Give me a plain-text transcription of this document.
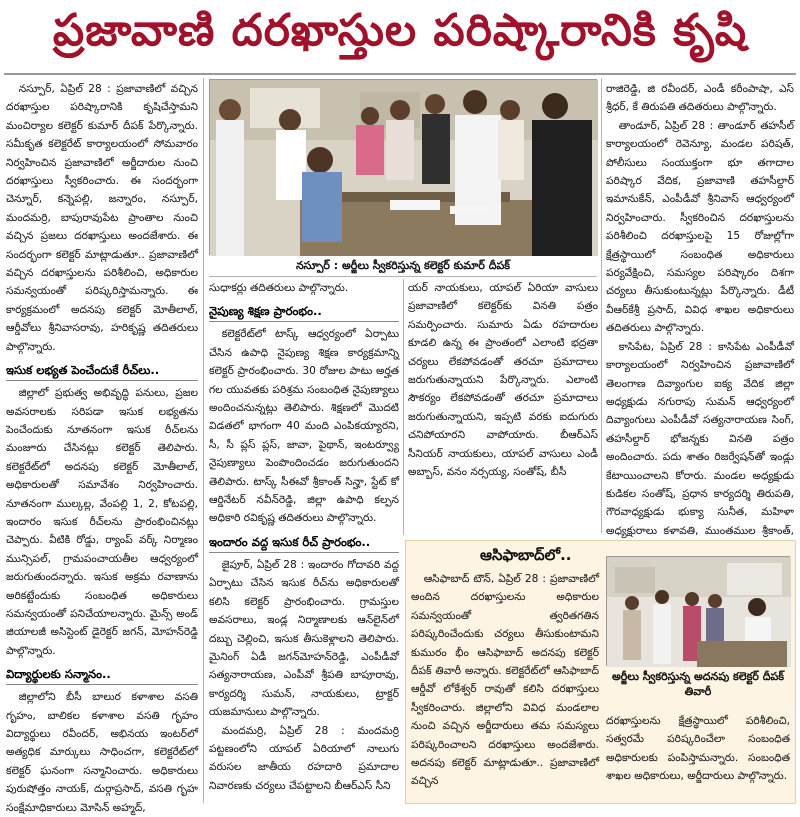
ప్రజావాణి దరఖాస్తుల పరిష్కారానికి కృషి

నస్పూర్, ఏప్రిల్ 28 : ప్రజావాణిలో వచ్చిన దరఖాస్తుల పరిష్కారానికి కృషిచేస్తామని మంచిర్యాల కలెక్టర్ కుమార్ దీపక్ పేర్కొన్నారు. సమీకృత కలెక్టరేట్ కార్యాలయంలో సోమవారం నిర్వహించిన ప్రజావాణిలో అర్జీదారుల నుంచి దరఖాస్తులు స్వీకరించారు. ఈ సందర్భంగా చెన్నూర్, కన్నెపల్లి, జన్నారం, నస్పూర్, మందమర్రి, బాపురావుపేట ప్రాంతాల నుంచి వచ్చిన ప్రజలు దరఖాస్తులు అందజేశారు. ఈ సందర్భంగా కలెక్టర్ మాట్లాడుతూ.. ప్రజావాణిలో వచ్చిన దరఖాస్తులను పరిశీలించి, అధికారుల సమన్వయంతో పరిష్కరిస్తామన్నారు. ఈ కార్యక్రమంలో అదనపు కలెక్టర్ మోతీలాల్, ఆర్డీవోలు శ్రీనివాసరావు, హరికృష్ణ తదితరులు పాల్గొన్నారు.

ఇసుక లభ్యత పెంచేందుకే రీచ్‌లు..

జిల్లాలో ప్రభుత్వ అభివృద్ధి పనులు, ప్రజల అవసరాలకు సరిపడా ఇసుక లభ్యతను పెంచేందుకు నూతనంగా ఇసుక రీచ్‌లను మంజూరు చేసినట్లు కలెక్టర్ తెలిపారు. కలెక్టరేట్‌లో అదనపు కలెక్టర్ మోతీలాల్, అధికారులతో సమావేశం నిర్వహించారు. నూతనంగా ముల్కల్ల, వేంపల్లి 1, 2, కోటపల్లి, ఇందారం ఇసుక రీచ్‌లను ప్రారంభించినట్లు చెప్పారు. వీటికి రోడ్డు, ర్యాంప్ వర్క్ నిర్మాణం మున్సిపల్, గ్రామపంచాయతీల ఆధ్వర్యంలో జరుగుతుందన్నారు. ఇసుక అక్రమ రవాణాను అరికట్టేందుకు సంబంధిత అధికారులు సమన్వయంతో పనిచేయాలన్నారు. మైన్స్ అండ్ జియాలజీ అసిస్టెంట్ డైరెక్టర్ జగన్, మోహన్‌రెడ్డి పాల్గొన్నారు.

విద్యార్థులకు సన్మానం..

జిల్లాలోని బీసీ బాలుర కళాశాల వసతి గృహం, బాలికల కళాశాల వసతి గృహం విద్యార్థులు రవీందర్, అభినయ ఇంటర్‌లో అత్యధిక మార్కులు సాధించగా, కలెక్టరేట్‌లో కలెక్టర్ ఘనంగా సన్మానించారు. అధికారులు పురుషోత్తం నాయక్, దుర్గాప్రసాద్, వసతి గృహ సంక్షేమాధికారులు మోసిన్ అహ్మద్,

నస్పూర్ : అర్జీలు స్వీకరిస్తున్న కలెక్టర్ కుమార్ దీపక్

సుధాకర్లు తదితరులు పాల్గొన్నారు.

నైపుణ్య శిక్షణ ప్రారంభం..

కలెక్టరేట్‌లో టాస్క్ ఆధ్వర్యంలో ఏర్పాటు చేసిన ఉపాధి నైపుణ్య శిక్షణ కార్యక్రమాన్ని కలెక్టర్ ప్రారంభించారు. 30 రోజుల పాటు అర్హత గల యువతకు పరిశ్రమ సంబంధిత నైపుణ్యాలు అందించనున్నట్లు తెలిపారు. శిక్షణలో మొదటి విడతలో భాగంగా 40 మంది ఎంపికయ్యారని, సీ, సీ ప్లస్ ప్లస్, జావా, పైథాన్, ఇంటర్వ్యూ నైపుణ్యాలు పెంపొందించడం జరుగుతుందని తెలిపారు. టాస్క్ సీఈవో శ్రీకాంత్ సిన్హా, స్టేట్ కో ఆర్డినేటర్ నవీన్‌రెడ్డి, జిల్లా ఉపాధి కల్పన అధికారి రవికృష్ణ తదితరులు పాల్గొన్నారు.

ఇందారం వద్ద ఇసుక రీచ్ ప్రారంభం..

జైపూర్, ఏప్రిల్ 28 : ఇందారం గోదావరి వద్ద ఏర్పాటు చేసిన ఇసుక రీచ్‌ను అధికారులతో కలిసి కలెక్టర్ ప్రారంభించారు. గ్రామస్తుల అవసరాలు, ఇండ్ల నిర్మాణాలకు ఆన్‌లైన్‌లో దబ్బు చెల్లించి, ఇసుక తీసుకెళ్లాలని తెలిపారు. మైనింగ్ ఏడీ జగన్‌మోహన్‌రెడ్డి, ఎంపీడీవో సత్యనారాయణ, ఎంపీవో శ్రీపతి బాపూరావు, కార్యదర్శి సుమన్, నాయకులు, ట్రాక్టర్ యజమానులు పాల్గొన్నారు.

మందమర్రి, ఏప్రిల్ 28 : మందమర్రి పట్టణంలోని యాపల్ ఏరియాలో నాలుగు వరుసల జాతీయ రహదారి ప్రమాదాల నివారణకు చర్యలు చేపట్టాలని బీఆర్ఎస్ సీని

యర్ నాయకులు, యాపల్ ఏరియా వాసులు ప్రజావాణిలో కలెక్టర్‌కు వినతి పత్రం సమర్పించారు. సుమారు ఏడు రహదారుల కూడలి ఉన్న ఈ ప్రాంతంలో ఎలాంటి భద్రతా చర్యలు లేకపోవడంతో తరచూ ప్రమాదాలు జరుగుతున్నాయని పేర్కొన్నారు. ఎలాంటి సౌకర్యం లేకపోవడంతో తరచూ ప్రమాదాలు జరుగుతున్నాయని, ఇప్పటి వరకు ఐదుగురు చనిపోయారని వాపోయారు. బీఆర్ఎస్ సీనియర్ నాయకులు, యాపల్ వాసులు ఎండీ అబ్బాస్, వనం నర్సయ్య, సంతోష్, బీసీ

రాజిరెడ్డి, జి రవీందర్, ఎండీ కరీంపాషా, ఎస్ శ్రీధర్, కే తిరుపతి తదితరులు పాల్గొన్నారు.

తాండూర్, ఏప్రిల్ 28 : తాండూర్ తహసీల్ కార్యాలయంలో రెవెన్యూ, మండల పరిషత్, పోలీసులు సంయుక్తంగా భూ తగాదాల పరిష్కార వేదిక, ప్రజావాణి తహసీల్దార్ ఇమానుకేన్, ఎంపీడీవో శ్రీనివాస్ ఆధ్వర్యంలో నిర్వహించారు. స్వీకరించిన దరఖాస్తులను పరిశీలించి దరఖాస్తులపై 15 రోజుల్లోగా క్షేత్రస్థాయిలో సంబంధిత అధికారులు పర్యవేక్షించి, సమస్యల పరిష్కారం దిశగా చర్యలు తీసుకుంటున్నట్లు పేర్కొన్నారు. డీటీ వీఆర్‌కేశ్రీ ప్రసాద్, వివిధ శాఖల అధికారులు తదితరులు పాల్గొన్నారు.

కాసిపేట, ఏప్రిల్ 28 : కాసిపేట ఎంపీడీవో కార్యాలయంలో నిర్వహించిన ప్రజావాణిలో తెలంగాణ దివ్యాంగుల ఐక్య వేదిక జిల్లా అధ్యక్షుడు నగురాపు సుమన్ ఆధ్వర్యంలో దివ్యాంగులు ఎంపీడీవో సత్యనారాయణ సింగ్, తహసీల్దార్ భోజన్నకు వినతి పత్రం అందించారు. పదు శాతం రిజర్వేషన్‌తో ఇండ్లు కేటాయించాలని కోరారు. మండల అధ్యక్షుడు కుడికల సంతోష్, ప్రధాన కార్యదర్శి తిరుపతి, గౌరవాధ్యక్షుడు భుక్యా సునీత, మహిళా అధ్యక్షురాలు కళావతి, ముంతముల శ్రీకాంత్,

ఆసిఫాబాద్‌లో..

ఆసిఫాబాద్ టౌన్, ఏప్రిల్ 28 : ప్రజావాణిలో అందిన దరఖాస్తులను అధికారుల సమన్వయంతో త్వరితగతిన పరిష్కరించేందుకు చర్యలు తీసుకుంటామని కుమురం భీం ఆసిఫాబాద్ అదనపు కలెక్టర్ దీపక్ తివారీ అన్నారు. కలెక్టరేట్‌లో ఆసిఫాబాద్ ఆర్డీవో లోకేశ్వర్ రావుతో కలిసి దరఖాస్తులు స్వీకరించారు. జిల్లాలోని వివిధ మండలాల నుంచి వచ్చిన అర్జీదారులు తమ సమస్యలు పరిష్కరించాలని దరఖాస్తులు అందజేశారు. అదనపు కలెక్టర్ మాట్లాడుతూ.. ప్రజావాణిలో వచ్చిన

అర్జీలు స్వీకరిస్తున్న అదనపు కలెక్టర్ దీపక్ తివారీ

దరఖాస్తులను క్షేత్రస్థాయిలో పరిశీలించి, సత్వరమే పరిష్కరించేలా సంబంధిత అధికారులకు పంపిస్తామన్నారు. సంబంధిత శాఖల అధికారులు, అర్జీదారులు పాల్గొన్నారు.
